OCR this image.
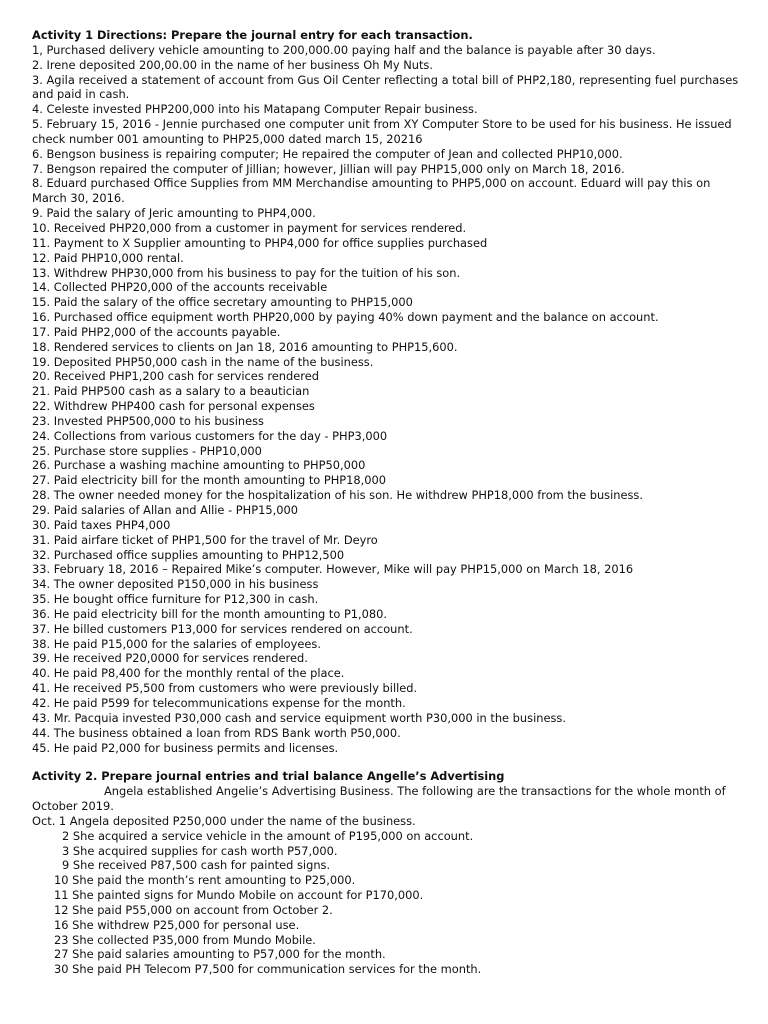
Activity 1 Directions: Prepare the journal entry for each transaction.

1, Purchased delivery vehicle amounting to 200,000.00 paying half and the balance is payable after 30 days.

2. Irene deposited 200,00.00 in the name of her business Oh My Nuts.

3. Agila received a statement of account from Gus Oil Center reflecting a total bill of PHP2,180, representing fuel purchases and paid in cash.

4. Celeste invested PHP200,000 into his Matapang Computer Repair business.

5. February 15, 2016 - Jennie purchased one computer unit from XY Computer Store to be used for his business. He issued check number 001 amounting to PHP25,000 dated march 15, 20216

6. Bengson business is repairing computer; He repaired the computer of Jean and collected PHP10,000.

7. Bengson repaired the computer of Jillian; however, Jillian will pay PHP15,000 only on March 18, 2016.

8. Eduard purchased Office Supplies from MM Merchandise amounting to PHP5,000 on account. Eduard will pay this on March 30, 2016.

9. Paid the salary of Jeric amounting to PHP4,000.

10. Received PHP20,000 from a customer in payment for services rendered.

11. Payment to X Supplier amounting to PHP4,000 for office supplies purchased

12. Paid PHP10,000 rental.

13. Withdrew PHP30,000 from his business to pay for the tuition of his son.

14. Collected PHP20,000 of the accounts receivable

15. Paid the salary of the office secretary amounting to PHP15,000

16. Purchased office equipment worth PHP20,000 by paying 40% down payment and the balance on account.

17. Paid PHP2,000 of the accounts payable.

18. Rendered services to clients on Jan 18, 2016 amounting to PHP15,600.

19. Deposited PHP50,000 cash in the name of the business.

20. Received PHP1,200 cash for services rendered

21. Paid PHP500 cash as a salary to a beautician

22. Withdrew PHP400 cash for personal expenses

23. Invested PHP500,000 to his business

24. Collections from various customers for the day - PHP3,000

25. Purchase store supplies - PHP10,000

26. Purchase a washing machine amounting to PHP50,000

27. Paid electricity bill for the month amounting to PHP18,000

28. The owner needed money for the hospitalization of his son. He withdrew PHP18,000 from the business.

29. Paid salaries of Allan and Allie - PHP15,000

30. Paid taxes PHP4,000

31. Paid airfare ticket of PHP1,500 for the travel of Mr. Deyro

32. Purchased office supplies amounting to PHP12,500

33. February 18, 2016 – Repaired Mike’s computer. However, Mike will pay PHP15,000 on March 18, 2016

34. The owner deposited P150,000 in his business

35. He bought office furniture for P12,300 in cash.

36. He paid electricity bill for the month amounting to P1,080.

37. He billed customers P13,000 for services rendered on account.

38. He paid P15,000 for the salaries of employees.

39. He received P20,0000 for services rendered.

40. He paid P8,400 for the monthly rental of the place.

41. He received P5,500 from customers who were previously billed.

42. He paid P599 for telecommunications expense for the month.

43. Mr. Pacquia invested P30,000 cash and service equipment worth P30,000 in the business.

44. The business obtained a loan from RDS Bank worth P50,000.

45. He paid P2,000 for business permits and licenses.

Activity 2. Prepare journal entries and trial balance Angelle’s Advertising

Angela established Angelie’s Advertising Business. The following are the transactions for the whole month of October 2019.

Oct. 1 Angela deposited P250,000 under the name of the business.

2 She acquired a service vehicle in the amount of P195,000 on account.

3 She acquired supplies for cash worth P57,000.

9 She received P87,500 cash for painted signs.

10 She paid the month’s rent amounting to P25,000.

11 She painted signs for Mundo Mobile on account for P170,000.

12 She paid P55,000 on account from October 2.

16 She withdrew P25,000 for personal use.

23 She collected P35,000 from Mundo Mobile.

27 She paid salaries amounting to P57,000 for the month.

30 She paid PH Telecom P7,500 for communication services for the month.
